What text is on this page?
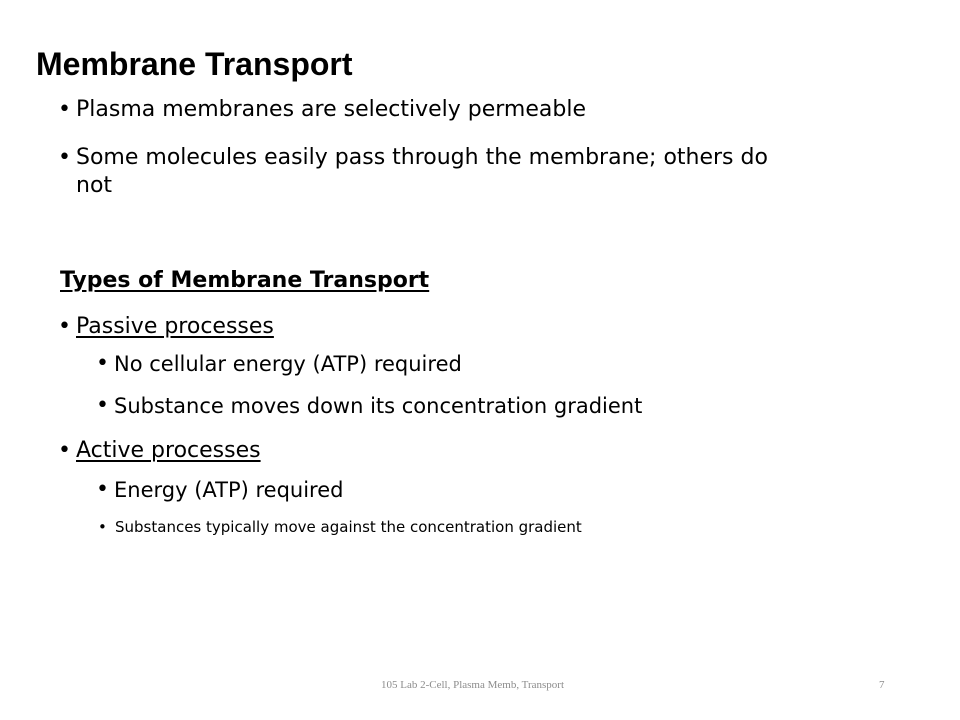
Membrane Transport
• Plasma membranes are selectively permeable
• Some molecules easily pass through the membrane; others do
not
Types of Membrane Transport
• Passive processes
• No cellular energy (ATP) required
• Substance moves down its concentration gradient
• Active processes
• Energy (ATP) required
• Substances typically move against the concentration gradient
105 Lab 2-Cell, Plasma Memb, Transport	7
